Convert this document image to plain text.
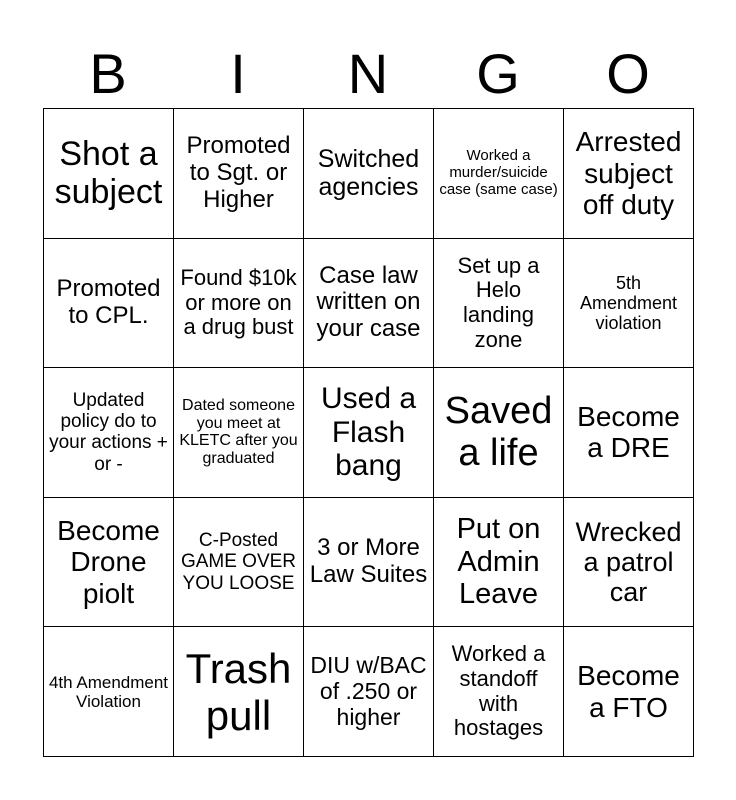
B	I	N	G	O
Shot a subject	Promoted to Sgt. or Higher	Switched agencies	Worked a murder/suicide case (same case)	Arrested subject off duty

Promoted to CPL.	Found $10k or more on a drug bust	Case law written on your case	Set up a Helo landing zone	5th Amendment violation

Updated policy do to your actions + or -	Dated someone you meet at KLETC after you graduated	Used a Flash bang	Saved a life	Become a DRE

Become Drone piolt	C-Posted GAME OVER YOU LOOSE	3 or More Law Suites	Put on Admin Leave	Wrecked a patrol car

4th Amendment Violation	Trash pull	DIU w/BAC of .250 or higher	Worked a standoff with hostages	Become a FTO
